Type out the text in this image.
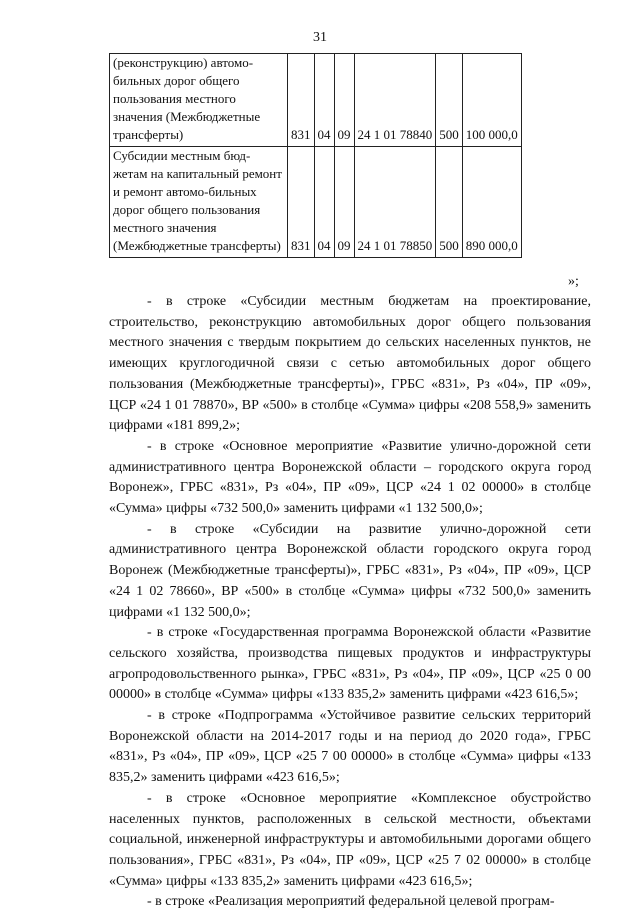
31
(реконструкцию) автомо-бильных дорог общего пользования местного значения (Межбюджетные трансферты)	831	04	09	24 1 01 78840	500	100 000,0
Субсидии местным бюд-жетам на капитальный ремонт и ремонт автомо-бильных дорог общего пользования местного значения (Межбюджетные трансферты)	831	04	09	24 1 01 78850	500	890 000,0
»;

- в строке «Субсидии местным бюджетам на проектирование, строительство, реконструкцию автомобильных дорог общего пользования местного значения с твердым покрытием до сельских населенных пунктов, не имеющих круглогодичной связи с сетью автомобильных дорог общего пользования (Межбюджетные трансферты)», ГРБС «831», Рз «04», ПР «09», ЦСР «24 1 01 78870», ВР «500» в столбце «Сумма» цифры «208 558,9» заменить цифрами «181 899,2»;

- в строке «Основное мероприятие «Развитие улично-дорожной сети административного центра Воронежской области – городского округа город Воронеж», ГРБС «831», Рз «04», ПР «09», ЦСР «24 1 02 00000» в столбце «Сумма» цифры «732 500,0» заменить цифрами «1 132 500,0»;

- в строке «Субсидии на развитие улично-дорожной сети административного центра Воронежской области городского округа город Воронеж (Межбюджетные трансферты)», ГРБС «831», Рз «04», ПР «09», ЦСР «24 1 02 78660», ВР «500» в столбце «Сумма» цифры «732 500,0» заменить цифрами «1 132 500,0»;

- в строке «Государственная программа Воронежской области «Развитие сельского хозяйства, производства пищевых продуктов и инфраструктуры агропродовольственного рынка», ГРБС «831», Рз «04», ПР «09», ЦСР «25 0 00 00000» в столбце «Сумма» цифры «133 835,2» заменить цифрами «423 616,5»;

- в строке «Подпрограмма «Устойчивое развитие сельских территорий Воронежской области на 2014-2017 годы и на период до 2020 года», ГРБС «831», Рз «04», ПР «09», ЦСР «25 7 00 00000» в столбце «Сумма» цифры «133 835,2» заменить цифрами «423 616,5»;

- в строке «Основное мероприятие «Комплексное обустройство населенных пунктов, расположенных в сельской местности, объектами социальной, инженерной инфраструктуры и автомобильными дорогами общего пользования», ГРБС «831», Рз «04», ПР «09», ЦСР «25 7 02 00000» в столбце «Сумма» цифры «133 835,2» заменить цифрами «423 616,5»;

- в строке «Реализация мероприятий федеральной целевой програм-
